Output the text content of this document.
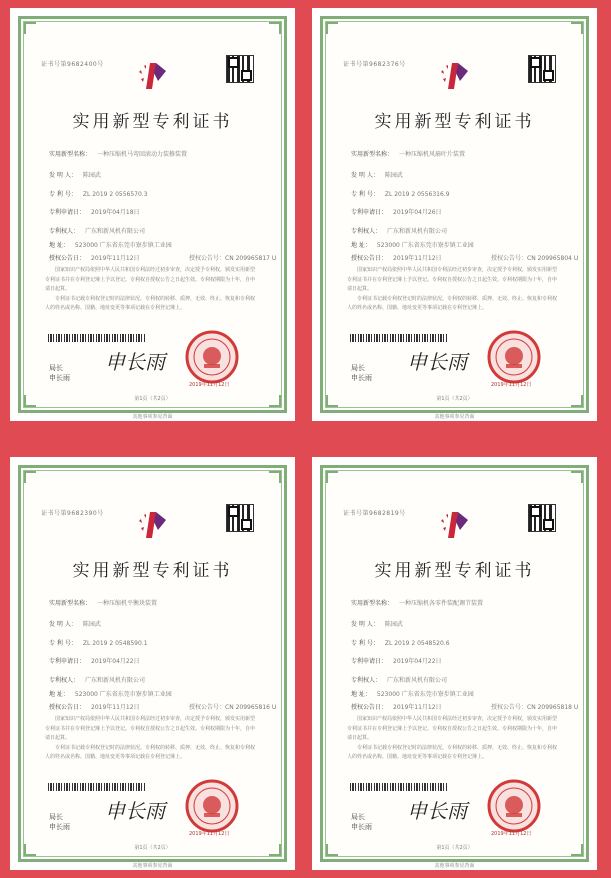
证书号第9682400号
实用新型专利证书
实用新型名称： 一种压缩机马弯回滚动力装修装置
发 明 人： 陈园武
专 利 号： ZL 2019 2 0556570.3
专利申请日： 2019年04月18日
专利权人： 广东和新风机有限公司
地 址： 523000 广东省东莞市寮步镇工业园
授权公告日： 2019年11月12日	授权公告号：CN 209965817 U
国家知识产权局依照中华人民共和国专利法经过初步审查，决定授予专利权，颁发实用新型专利证书并在专利登记簿上予以登记。专利权自授权公告之日起生效。专利权期限为十年，自申请日起算。
专利证书记载专利权登记时的法律状况。专利权的转移、质押、无效、终止、恢复和专利权人的姓名或名称、国籍、地址变更等事项记载在专利登记簿上。
局长
申长雨
申长雨
2019年11月12日
第1页（共2页）
其他事项参见背面
证书号第9682376号
实用新型专利证书
实用新型名称： 一种压缩机风扇叶片装置
发 明 人： 陈园武
专 利 号： ZL 2019 2 0556316.9
专利申请日： 2019年04月26日
专利权人： 广东和新风机有限公司
地 址： 523000 广东省东莞市寮步镇工业园
授权公告日： 2019年11月12日	授权公告号：CN 209965804 U
国家知识产权局依照中华人民共和国专利法经过初步审查，决定授予专利权，颁发实用新型专利证书并在专利登记簿上予以登记。专利权自授权公告之日起生效。专利权期限为十年，自申请日起算。
专利证书记载专利权登记时的法律状况。专利权的转移、质押、无效、终止、恢复和专利权人的姓名或名称、国籍、地址变更等事项记载在专利登记簿上。
局长
申长雨
申长雨
2019年11月12日
第1页（共2页）
其他事项参见背面
证书号第9682390号
实用新型专利证书
实用新型名称： 一种压缩机平衡块装置
发 明 人： 陈园武
专 利 号： ZL 2019 2 0548590.1
专利申请日： 2019年04月22日
专利权人： 广东和新风机有限公司
地 址： 523000 广东省东莞市寮步镇工业园
授权公告日： 2019年11月12日	授权公告号：CN 209965816 U
国家知识产权局依照中华人民共和国专利法经过初步审查，决定授予专利权，颁发实用新型专利证书并在专利登记簿上予以登记。专利权自授权公告之日起生效。专利权期限为十年，自申请日起算。
专利证书记载专利权登记时的法律状况。专利权的转移、质押、无效、终止、恢复和专利权人的姓名或名称、国籍、地址变更等事项记载在专利登记簿上。
局长
申长雨
申长雨
2019年11月12日
第1页（共2页）
其他事项参见背面
证书号第9682819号
实用新型专利证书
实用新型名称： 一种压缩机各零件装配调节装置
发 明 人： 陈园武
专 利 号： ZL 2019 2 0548520.6
专利申请日： 2019年04月22日
专利权人： 广东和新风机有限公司
地 址： 523000 广东省东莞市寮步镇工业园
授权公告日： 2019年11月12日	授权公告号：CN 209965818 U
国家知识产权局依照中华人民共和国专利法经过初步审查，决定授予专利权，颁发实用新型专利证书并在专利登记簿上予以登记。专利权自授权公告之日起生效。专利权期限为十年，自申请日起算。
专利证书记载专利权登记时的法律状况。专利权的转移、质押、无效、终止、恢复和专利权人的姓名或名称、国籍、地址变更等事项记载在专利登记簿上。
局长
申长雨
申长雨
2019年11月12日
第1页（共2页）
其他事项参见背面
